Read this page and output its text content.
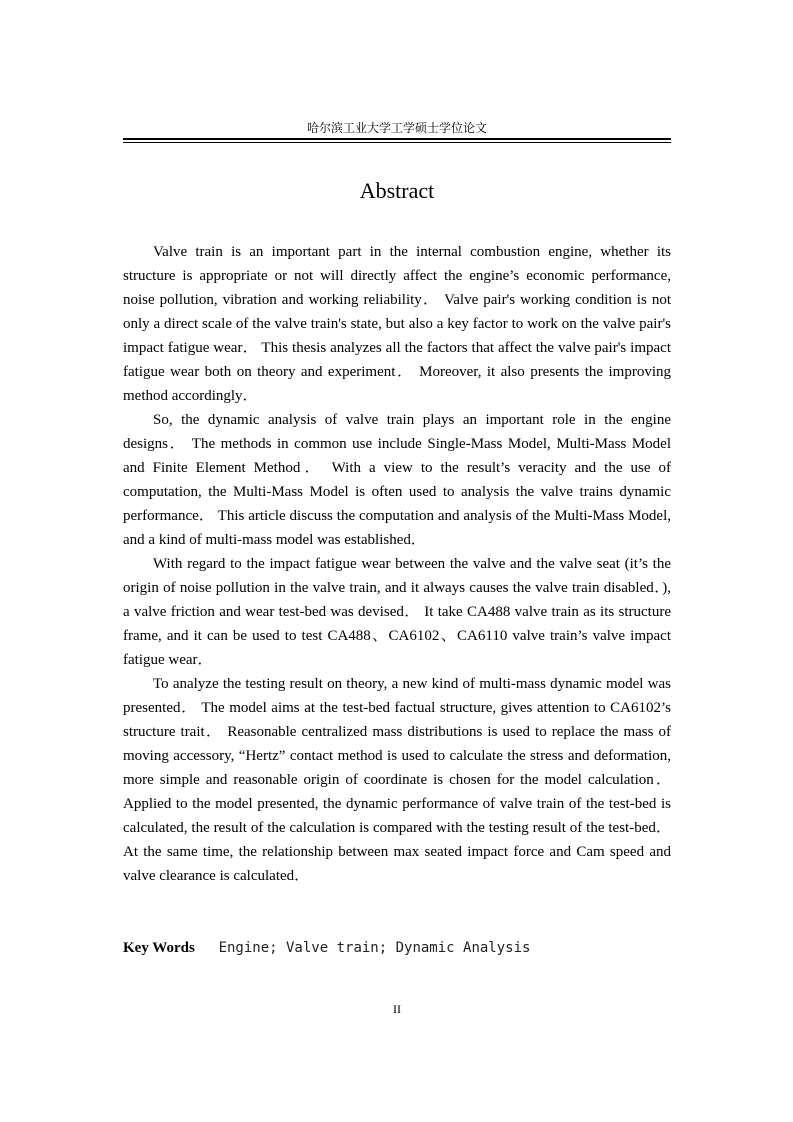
哈尔滨工业大学工学硕士学位论文
Abstract

Valve train is an important part in the internal combustion engine, whether its structure is appropriate or not will directly affect the engine’s economic performance, noise pollution, vibration and working reliability． Valve pair's working condition is not only a direct scale of the valve train's state, but also a key factor to work on the valve pair's impact fatigue wear． This thesis analyzes all the factors that affect the valve pair's impact fatigue wear both on theory and experiment． Moreover, it also presents the improving method accordingly．

So, the dynamic analysis of valve train plays an important role in the engine designs． The methods in common use include Single-Mass Model, Multi-Mass Model and Finite Element Method． With a view to the result’s veracity and the use of computation, the Multi-Mass Model is often used to analysis the valve trains dynamic performance． This article discuss the computation and analysis of the Multi-Mass Model, and a kind of multi-mass model was established．

With regard to the impact fatigue wear between the valve and the valve seat (it’s the origin of noise pollution in the valve train, and it always causes the valve train disabled．), a valve friction and wear test-bed was devised． It take CA488 valve train as its structure frame, and it can be used to test CA488、CA6102、CA6110 valve train’s valve impact fatigue wear．

To analyze the testing result on theory, a new kind of multi-mass dynamic model was presented． The model aims at the test-bed factual structure, gives attention to CA6102’s structure trait． Reasonable centralized mass distributions is used to replace the mass of moving accessory, “Hertz” contact method is used to calculate the stress and deformation, more simple and reasonable origin of coordinate is chosen for the model calculation． Applied to the model presented, the dynamic performance of valve train of the test-bed is calculated, the result of the calculation is compared with the testing result of the test-bed． At the same time, the relationship between max seated impact force and Cam speed and valve clearance is calculated．

Key Words Engine; Valve train; Dynamic Analysis
II
